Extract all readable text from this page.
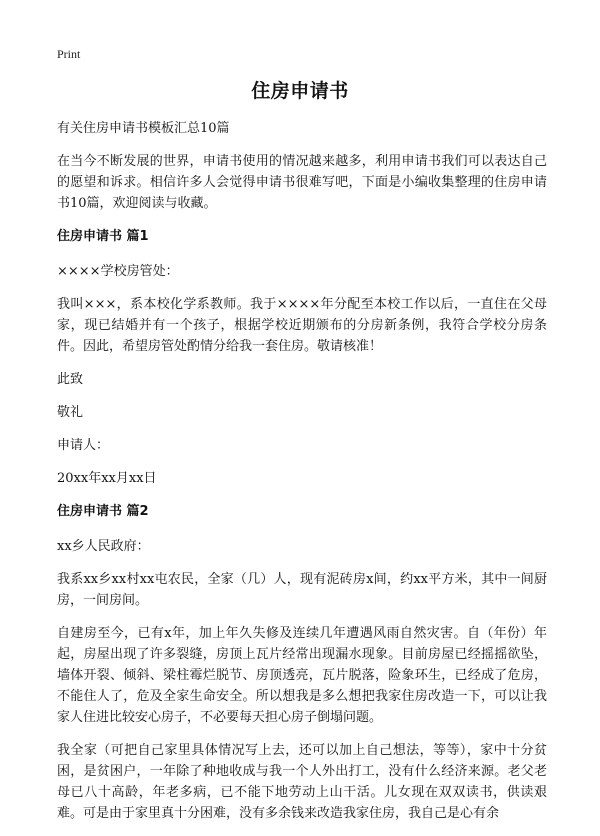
Print
住房申请书

有关住房申请书模板汇总10篇

在当今不断发展的世界，申请书使用的情况越来越多，利用申请书我们可以表达自己的愿望和诉求。相信许多人会觉得申请书很难写吧，下面是小编收集整理的住房申请书10篇，欢迎阅读与收藏。

住房申请书 篇1

××××学校房管处：

我叫×××，系本校化学系教师。我于××××年分配至本校工作以后，一直住在父母家，现已结婚并有一个孩子，根据学校近期颁布的分房新条例，我符合学校分房条件。因此，希望房管处酌情分给我一套住房。敬请核准！

此致

敬礼

申请人：

20xx年xx月xx日

住房申请书 篇2

xx乡人民政府：

我系xx乡xx村xx屯农民，全家（几）人，现有泥砖房x间，约xx平方米，其中一间厨房，一间房间。

自建房至今，已有x年，加上年久失修及连续几年遭遇风雨自然灾害。自（年份）年起，房屋出现了许多裂缝，房顶上瓦片经常出现漏水现象。目前房屋已经摇摇欲坠，墙体开裂、倾斜、梁柱霉烂脱节、房顶透亮，瓦片脱落，险象环生，已经成了危房，不能住人了，危及全家生命安全。所以想我是多么想把我家住房改造一下，可以让我家人住进比较安心房子，不必要每天担心房子倒塌问题。

我全家（可把自己家里具体情况写上去，还可以加上自己想法，等等），家中十分贫困，是贫困户，一年除了种地收成与我一个人外出打工，没有什么经济来源。老父老母已八十高龄，年老多病，已不能下地劳动上山干活。儿女现在双双读书，供读艰难。可是由于家里真十分困难，没有多余钱来改造我家住房，我自己是心有余
